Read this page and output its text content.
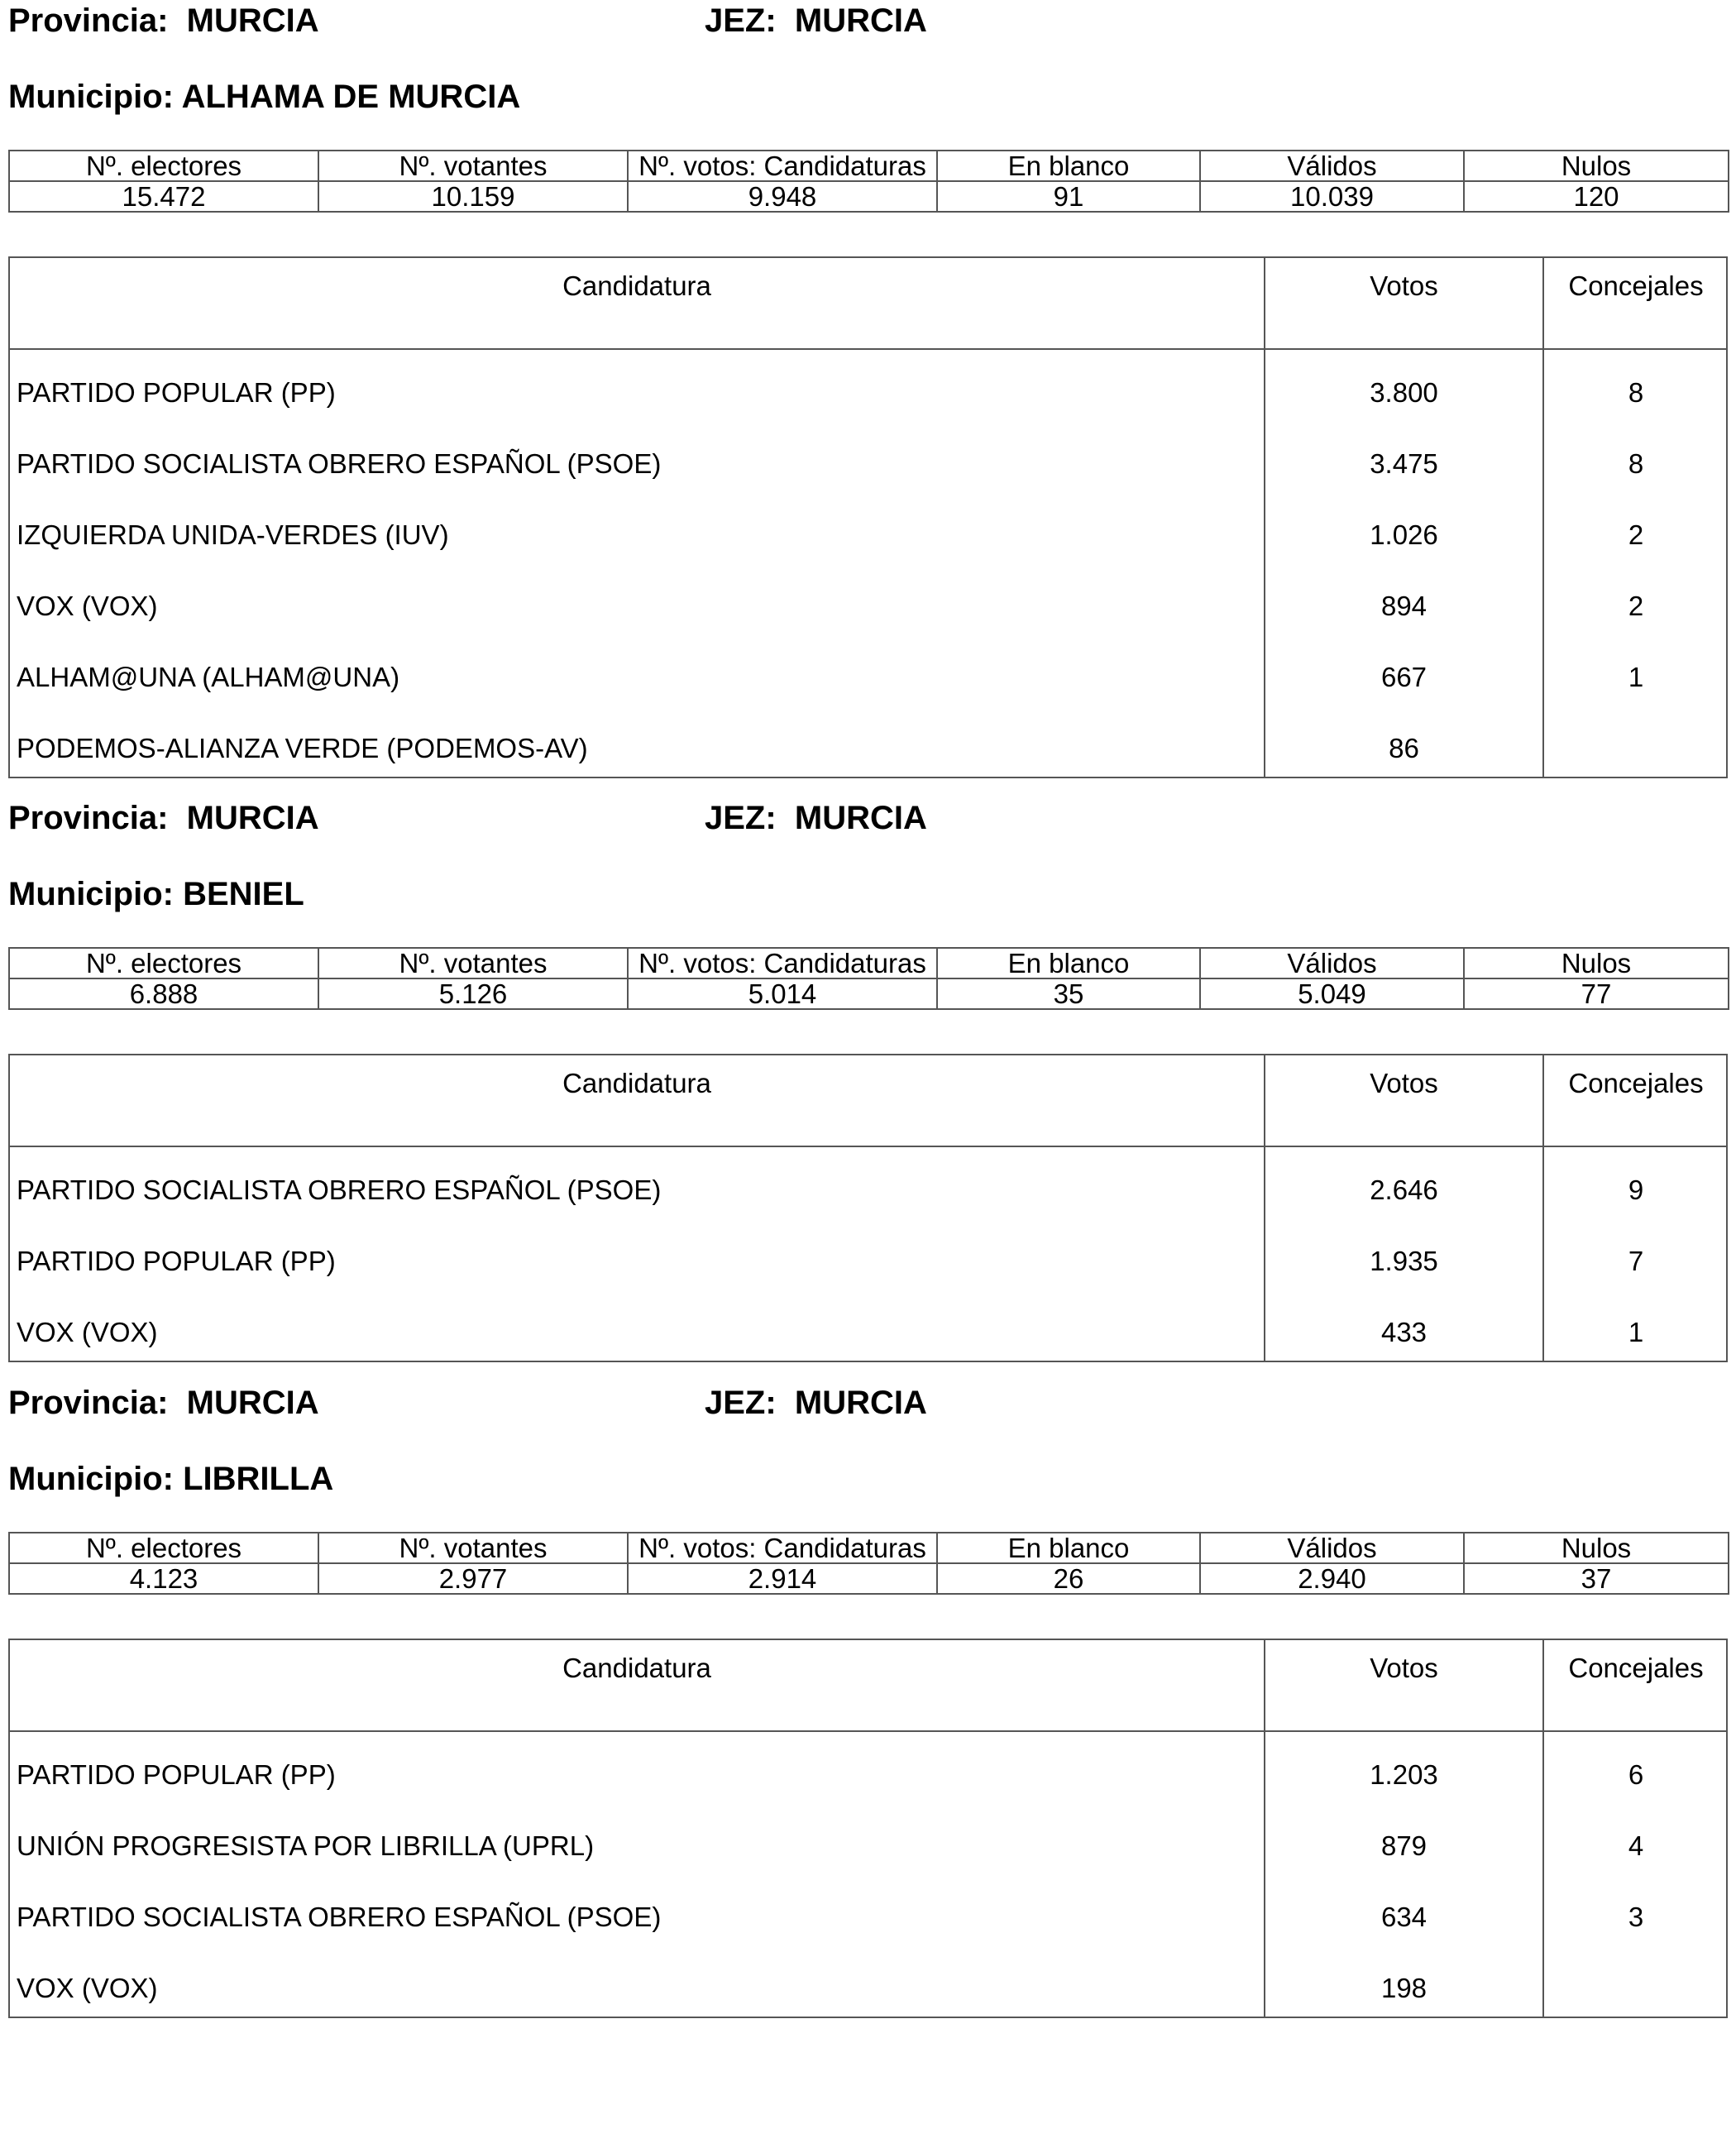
Provincia: MURCIA	JEZ: MURCIA
Municipio: ALHAMA DE MURCIA
Nº. electores	Nº. votantes	Nº. votos: Candidaturas	En blanco	Válidos	Nulos
15.472	10.159	9.948	91	10.039	120
Candidatura	Votos	Concejales
PARTIDO POPULAR (PP)	3.800	8
PARTIDO SOCIALISTA OBRERO ESPAÑOL (PSOE)	3.475	8
IZQUIERDA UNIDA-VERDES (IUV)	1.026	2
VOX (VOX)	894	2
ALHAM@UNA (ALHAM@UNA)	667	1
PODEMOS-ALIANZA VERDE (PODEMOS-AV)	86
Provincia: MURCIA	JEZ: MURCIA
Municipio: BENIEL
Nº. electores	Nº. votantes	Nº. votos: Candidaturas	En blanco	Válidos	Nulos
6.888	5.126	5.014	35	5.049	77
Candidatura	Votos	Concejales
PARTIDO SOCIALISTA OBRERO ESPAÑOL (PSOE)	2.646	9
PARTIDO POPULAR (PP)	1.935	7
VOX (VOX)	433	1
Provincia: MURCIA	JEZ: MURCIA
Municipio: LIBRILLA
Nº. electores	Nº. votantes	Nº. votos: Candidaturas	En blanco	Válidos	Nulos
4.123	2.977	2.914	26	2.940	37
Candidatura	Votos	Concejales
PARTIDO POPULAR (PP)	1.203	6
UNIÓN PROGRESISTA POR LIBRILLA (UPRL)	879	4
PARTIDO SOCIALISTA OBRERO ESPAÑOL (PSOE)	634	3
VOX (VOX)	198
